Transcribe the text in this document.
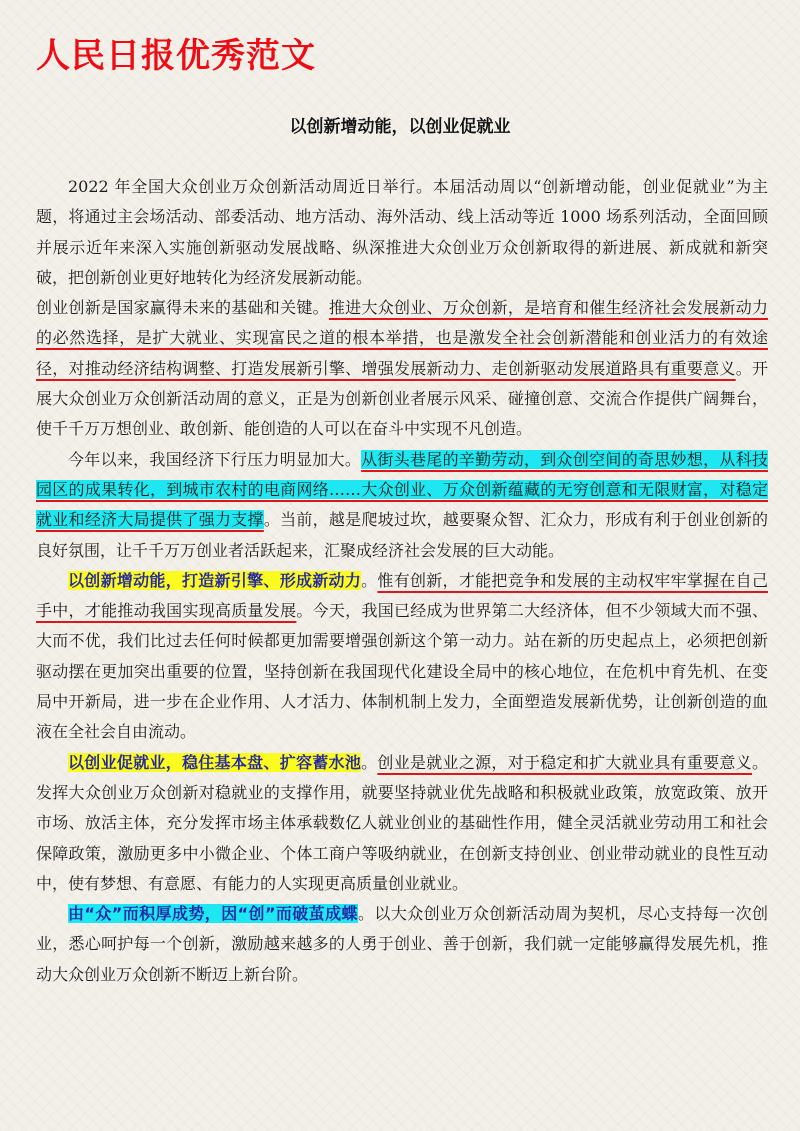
人民日报优秀范文
以创新增动能，以创业促就业

2022 年全国大众创业万众创新活动周近日举行。本届活动周以“创新增动能，创业促就业”为主题，将通过主会场活动、部委活动、地方活动、海外活动、线上活动等近 1000 场系列活动，全面回顾并展示近年来深入实施创新驱动发展战略、纵深推进大众创业万众创新取得的新进展、新成就和新突破，把创新创业更好地转化为经济发展新动能。

创业创新是国家赢得未来的基础和关键。推进大众创业、万众创新，是培育和催生经济社会发展新动力的必然选择，是扩大就业、实现富民之道的根本举措，也是激发全社会创新潜能和创业活力的有效途径，对推动经济结构调整、打造发展新引擎、增强发展新动力、走创新驱动发展道路具有重要意义。开展大众创业万众创新活动周的意义，正是为创新创业者展示风采、碰撞创意、交流合作提供广阔舞台，使千千万万想创业、敢创新、能创造的人可以在奋斗中实现不凡创造。

今年以来，我国经济下行压力明显加大。从街头巷尾的辛勤劳动，到众创空间的奇思妙想，从科技园区的成果转化，到城市农村的电商网络……大众创业、万众创新蕴藏的无穷创意和无限财富，对稳定就业和经济大局提供了强力支撑。当前，越是爬坡过坎，越要聚众智、汇众力，形成有利于创业创新的良好氛围，让千千万万创业者活跃起来，汇聚成经济社会发展的巨大动能。

以创新增动能，打造新引擎、形成新动力。惟有创新，才能把竞争和发展的主动权牢牢掌握在自己手中，才能推动我国实现高质量发展。今天，我国已经成为世界第二大经济体，但不少领域大而不强、大而不优，我们比过去任何时候都更加需要增强创新这个第一动力。站在新的历史起点上，必须把创新驱动摆在更加突出重要的位置，坚持创新在我国现代化建设全局中的核心地位，在危机中育先机、在变局中开新局，进一步在企业作用、人才活力、体制机制上发力，全面塑造发展新优势，让创新创造的血液在全社会自由流动。

以创业促就业，稳住基本盘、扩容蓄水池。创业是就业之源，对于稳定和扩大就业具有重要意义。发挥大众创业万众创新对稳就业的支撑作用，就要坚持就业优先战略和积极就业政策，放宽政策、放开市场、放活主体，充分发挥市场主体承载数亿人就业创业的基础性作用，健全灵活就业劳动用工和社会保障政策，激励更多中小微企业、个体工商户等吸纳就业，在创新支持创业、创业带动就业的良性互动中，使有梦想、有意愿、有能力的人实现更高质量创业就业。

由“众”而积厚成势，因“创”而破茧成蝶。以大众创业万众创新活动周为契机，尽心支持每一次创业，悉心呵护每一个创新，激励越来越多的人勇于创业、善于创新，我们就一定能够赢得发展先机，推动大众创业万众创新不断迈上新台阶。
